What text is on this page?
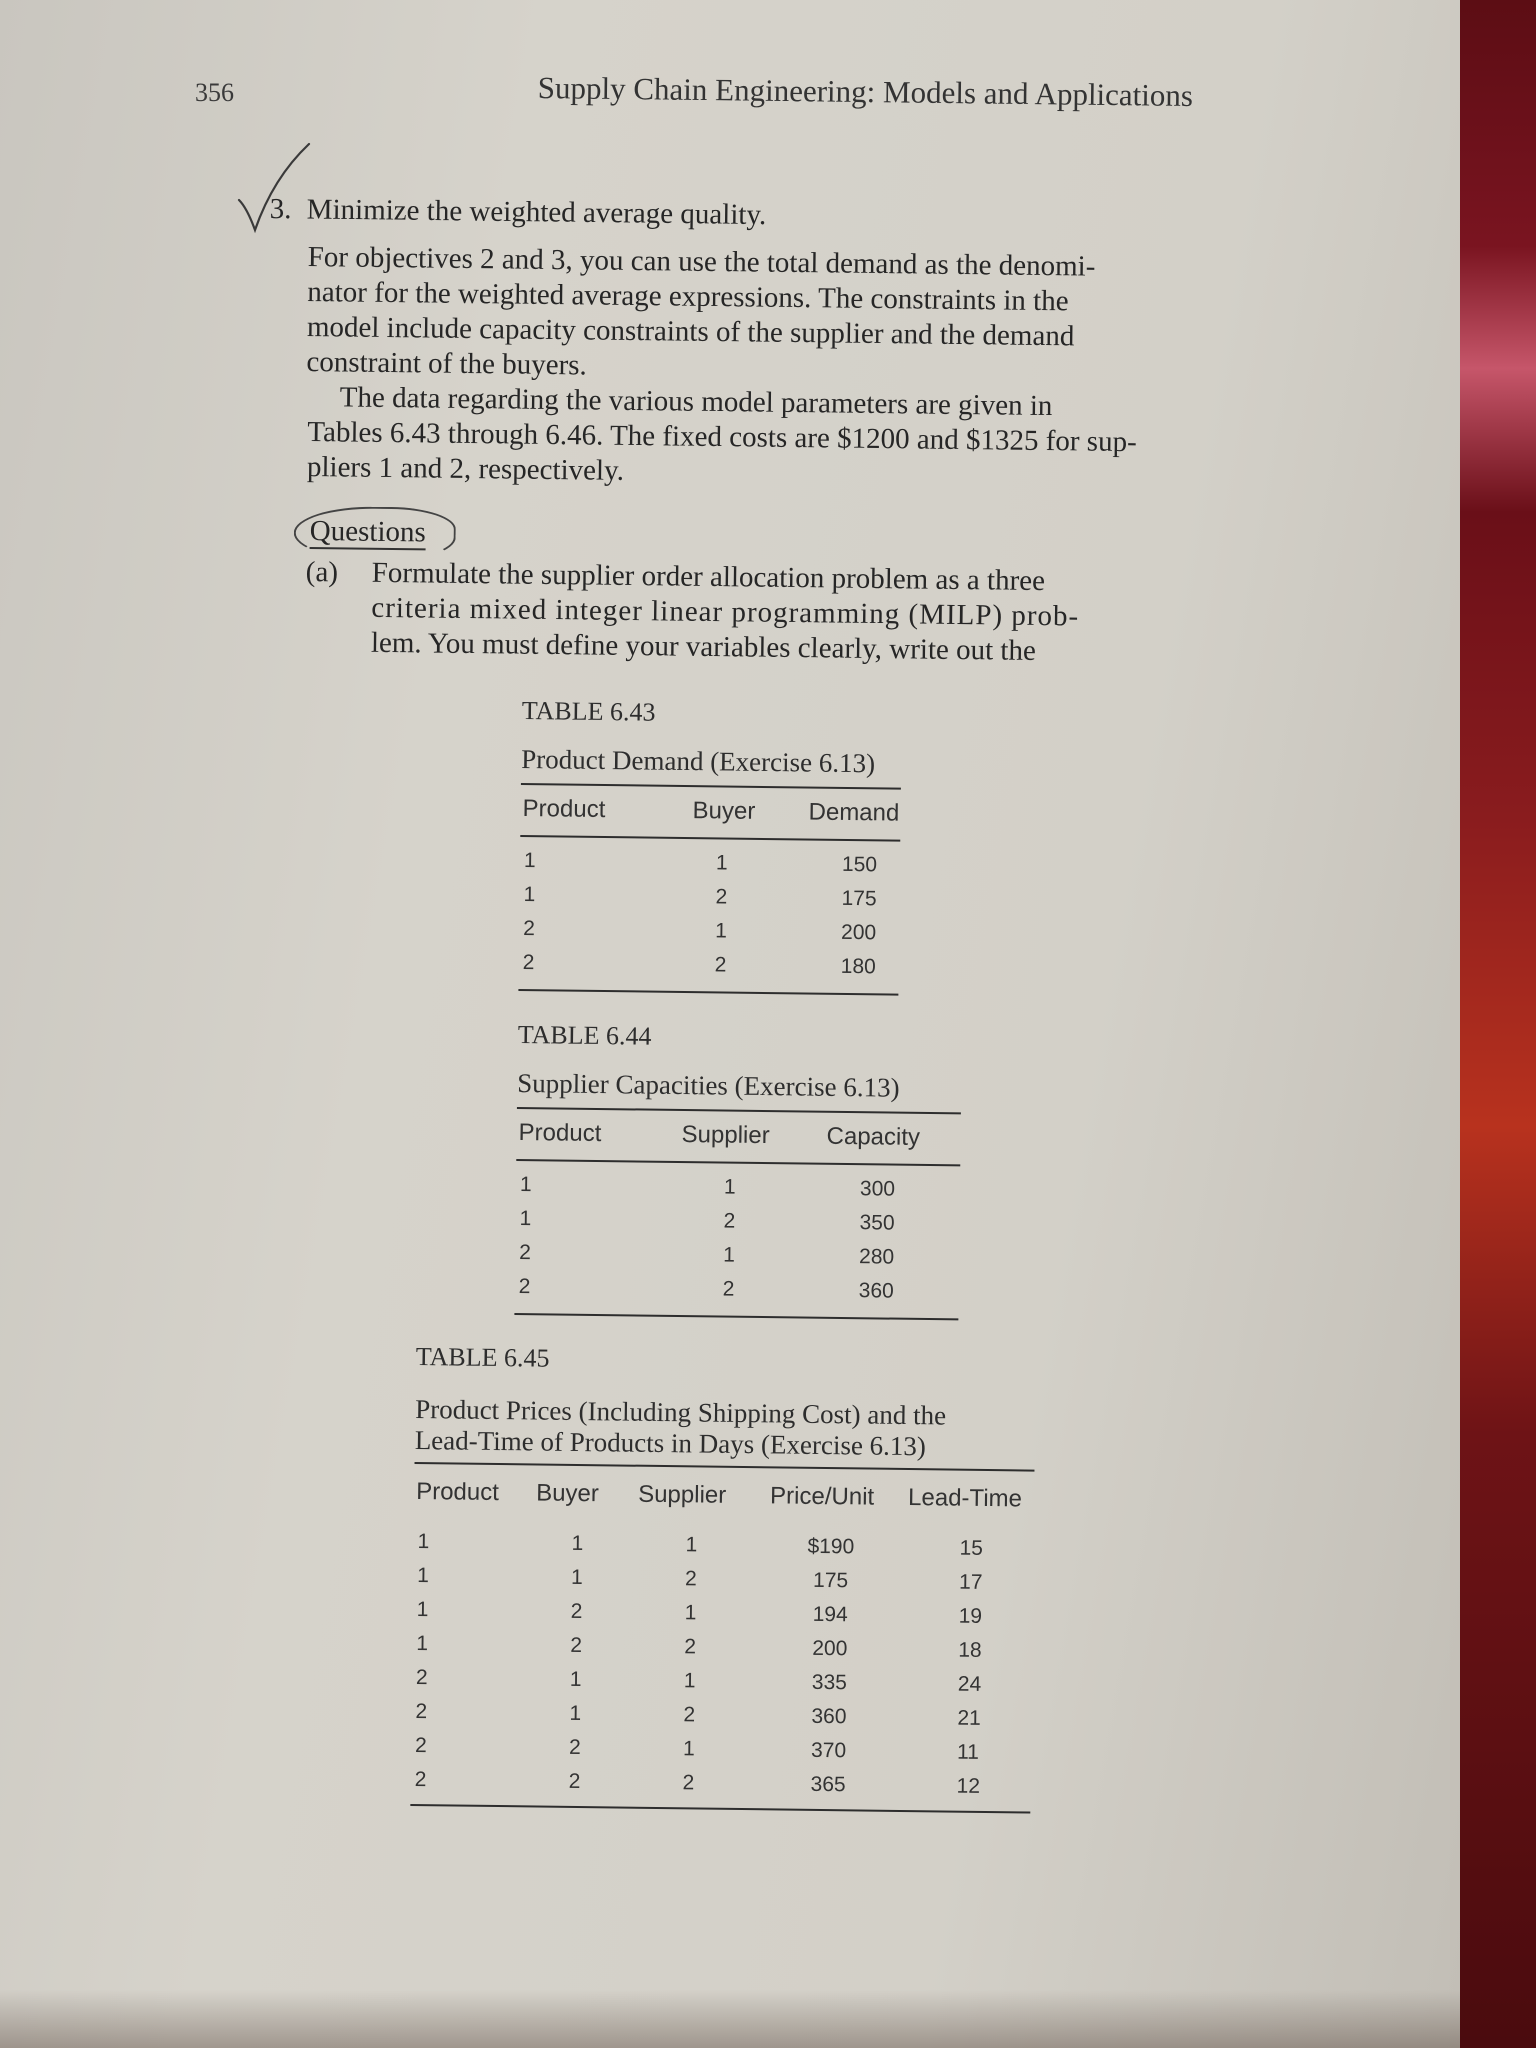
356	Supply Chain Engineering: Models and Applications
3. Minimize the weighted average quality.
For objectives 2 and 3, you can use the total demand as the denomi-
nator for the weighted average expressions. The constraints in the
model include capacity constraints of the supplier and the demand
constraint of the buyers.
The data regarding the various model parameters are given in
Tables 6.43 through 6.46. The fixed costs are $1200 and $1325 for sup-
pliers 1 and 2, respectively.
Questions
(a)	Formulate the supplier order allocation problem as a three
criteria mixed integer linear programming (MILP) prob-
lem. You must define your variables clearly, write out the
TABLE 6.43
Product Demand (Exercise 6.13)
Product	Buyer Demand
1	1	150
1	2	175
2	1	200
2	2	180
TABLE 6.44
Supplier Capacities (Exercise 6.13)
Product	Supplier Capacity
1	1	300
1	2	350
2	1	280
2	2	360
TABLE 6.45
Product Prices (Including Shipping Cost) and the
Lead-Time of Products in Days (Exercise 6.13)
Product Buyer Supplier Price/Unit Lead-Time
1	1	1	$190	15
1	1	2	175	17
1	2	1	194	19
1	2	2	200	18
2	1	1	335	24
2	1	2	360	21
2	2	1	370	11
2	2	2	365	12
